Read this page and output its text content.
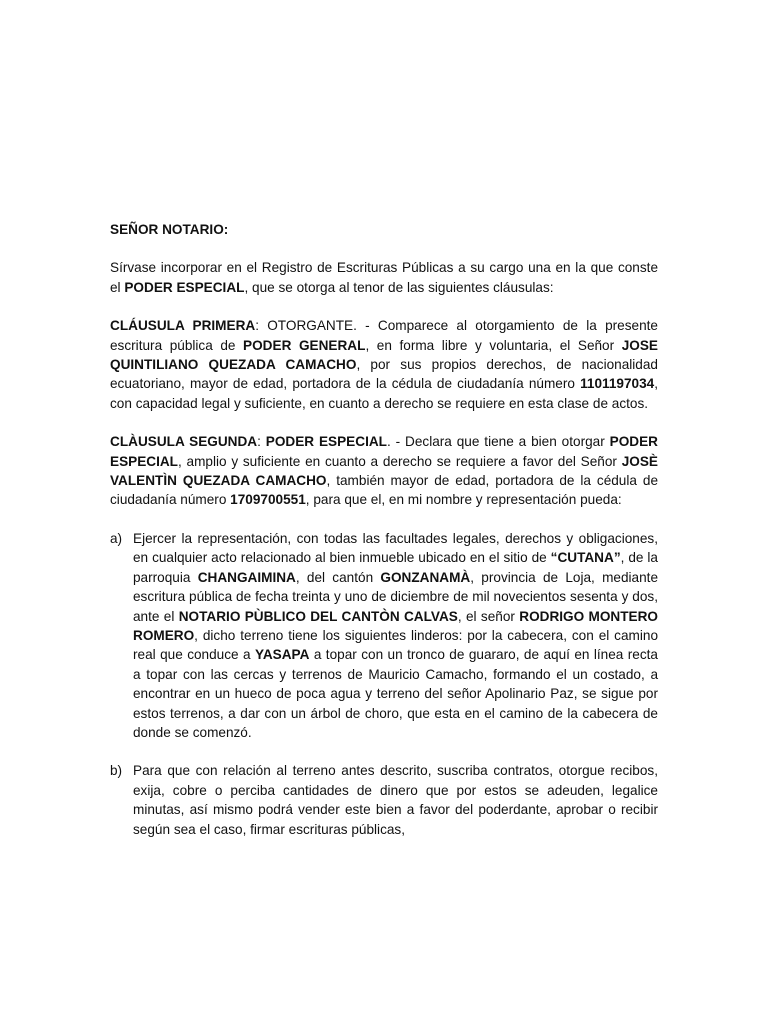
SEÑOR NOTARIO:

Sírvase incorporar en el Registro de Escrituras Públicas a su cargo una en la que conste el PODER ESPECIAL, que se otorga al tenor de las siguientes cláusulas:

CLÁUSULA PRIMERA: OTORGANTE. - Comparece al otorgamiento de la presente escritura pública de PODER GENERAL, en forma libre y voluntaria, el Señor JOSE QUINTILIANO QUEZADA CAMACHO, por sus propios derechos, de nacionalidad ecuatoriano, mayor de edad, portadora de la cédula de ciudadanía número 1101197034, con capacidad legal y suficiente, en cuanto a derecho se requiere en esta clase de actos.

CLÀUSULA SEGUNDA: PODER ESPECIAL. - Declara que tiene a bien otorgar PODER ESPECIAL, amplio y suficiente en cuanto a derecho se requiere a favor del Señor JOSÈ VALENTÌN QUEZADA CAMACHO, también mayor de edad, portadora de la cédula de ciudadanía número 1709700551, para que el, en mi nombre y representación pueda:

a) Ejercer la representación, con todas las facultades legales, derechos y obligaciones, en cualquier acto relacionado al bien inmueble ubicado en el sitio de “CUTANA”, de la parroquia CHANGAIMINA, del cantón GONZANAMÀ, provincia de Loja, mediante escritura pública de fecha treinta y uno de diciembre de mil novecientos sesenta y dos, ante el NOTARIO PÙBLICO DEL CANTÒN CALVAS, el señor RODRIGO MONTERO ROMERO, dicho terreno tiene los siguientes linderos: por la cabecera, con el camino real que conduce a YASAPA a topar con un tronco de guararo, de aquí en línea recta a topar con las cercas y terrenos de Mauricio Camacho, formando el un costado, a encontrar en un hueco de poca agua y terreno del señor Apolinario Paz, se sigue por estos terrenos, a dar con un árbol de choro, que esta en el camino de la cabecera de donde se comenzó.
b) Para que con relación al terreno antes descrito, suscriba contratos, otorgue recibos, exija, cobre o perciba cantidades de dinero que por estos se adeuden, legalice minutas, así mismo podrá vender este bien a favor del poderdante, aprobar o recibir según sea el caso, firmar escrituras públicas,
